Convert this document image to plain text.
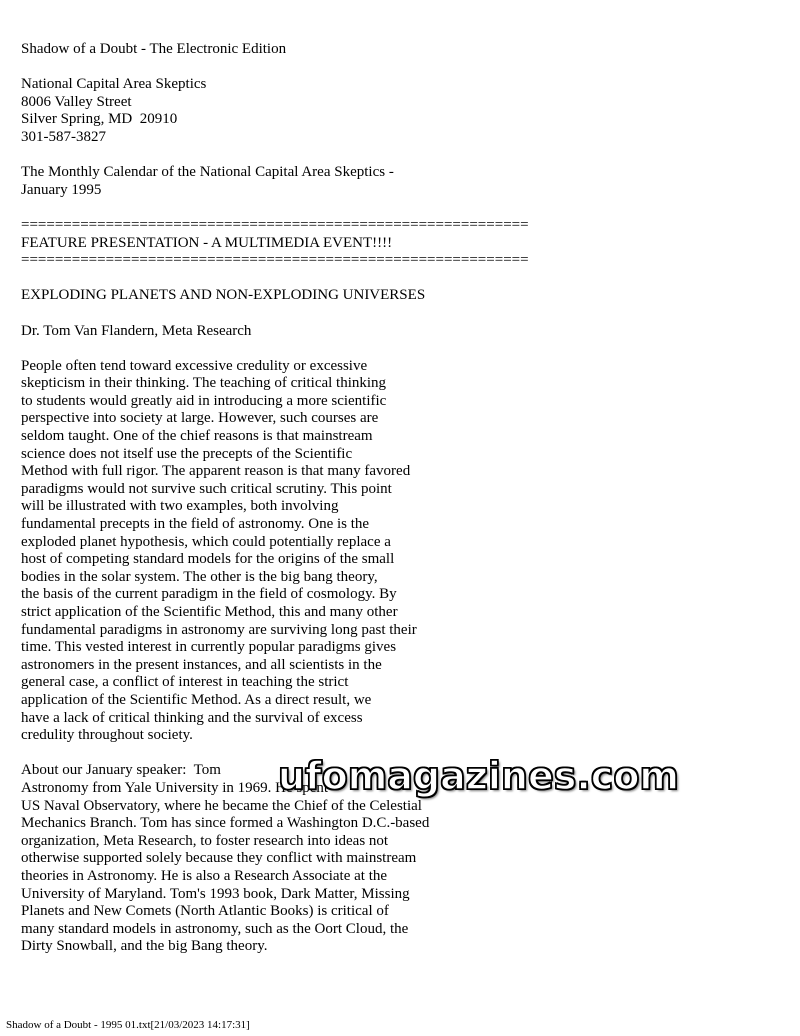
Shadow of a Doubt - The Electronic Edition
National Capital Area Skeptics
8006 Valley Street
Silver Spring, MD  20910
301-587-3827
The Monthly Calendar of the National Capital Area Skeptics -
January 1995
============================================================
FEATURE PRESENTATION - A MULTIMEDIA EVENT!!!!
============================================================
EXPLODING PLANETS AND NON-EXPLODING UNIVERSES
Dr. Tom Van Flandern, Meta Research
People often tend toward excessive credulity or excessive
skepticism in their thinking. The teaching of critical thinking
to students would greatly aid in introducing a more scientific
perspective into society at large. However, such courses are
seldom taught. One of the chief reasons is that mainstream
science does not itself use the precepts of the Scientific
Method with full rigor. The apparent reason is that many favored
paradigms would not survive such critical scrutiny. This point
will be illustrated with two examples, both involving
fundamental precepts in the field of astronomy. One is the
exploded planet hypothesis, which could potentially replace a
host of competing standard models for the origins of the small
bodies in the solar system. The other is the big bang theory,
the basis of the current paradigm in the field of cosmology. By
strict application of the Scientific Method, this and many other
fundamental paradigms in astronomy are surviving long past their
time. This vested interest in currently popular paradigms gives
astronomers in the present instances, and all scientists in the
general case, a conflict of interest in teaching the strict
application of the Scientific Method. As a direct result, we
have a lack of critical thinking and the survival of excess
credulity throughout society.
About our January speaker:  Tom
Astronomy from Yale University in 1969. He spent
US Naval Observatory, where he became the Chief of the Celestial
Mechanics Branch. Tom has since formed a Washington D.C.-based
organization, Meta Research, to foster research into ideas not
otherwise supported solely because they conflict with mainstream
theories in Astronomy. He is also a Research Associate at the
University of Maryland. Tom's 1993 book, Dark Matter, Missing
Planets and New Comets (North Atlantic Books) is critical of
many standard models in astronomy, such as the Oort Cloud, the
Dirty Snowball, and the big Bang theory.
ufomagazines.com
Shadow of a Doubt - 1995 01.txt[21/03/2023 14:17:31]
